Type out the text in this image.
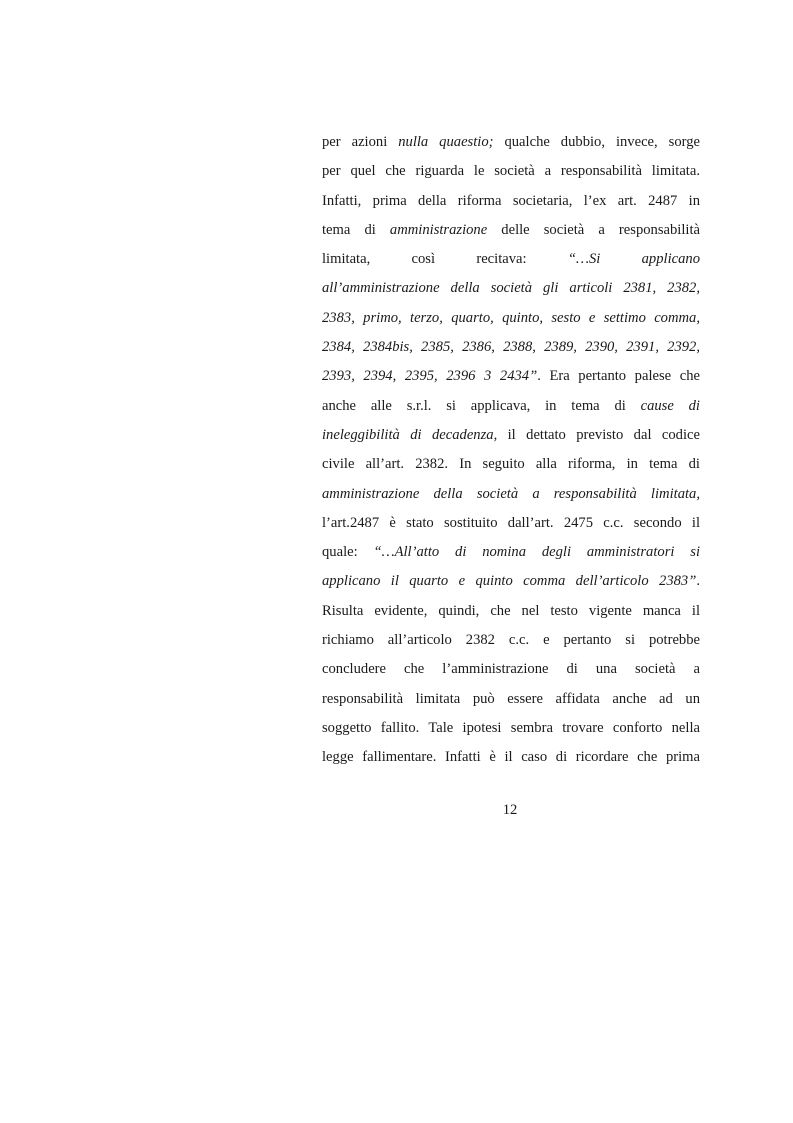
per azioni nulla quaestio; qualche dubbio, invece, sorge
per quel che riguarda le società a responsabilità limitata.
Infatti, prima della riforma societaria, l’ex art. 2487 in
tema di amministrazione delle società a responsabilità
limitata, così recitava: “…Si applicano
all’amministrazione della società gli articoli 2381, 2382,
2383, primo, terzo, quarto, quinto, sesto e settimo comma,
2384, 2384bis, 2385, 2386, 2388, 2389, 2390, 2391, 2392,
2393, 2394, 2395, 2396 3 2434”. Era pertanto palese che
anche alle s.r.l. si applicava, in tema di cause di
ineleggibilità di decadenza, il dettato previsto dal codice
civile all’art. 2382. In seguito alla riforma, in tema di
amministrazione della società a responsabilità limitata,
l’art.2487 è stato sostituito dall’art. 2475 c.c. secondo il
quale: “…All’atto di nomina degli amministratori si
applicano il quarto e quinto comma dell’articolo 2383”.
Risulta evidente, quindi, che nel testo vigente manca il
richiamo all’articolo 2382 c.c. e pertanto si potrebbe
concludere che l’amministrazione di una società a
responsabilità limitata può essere affidata anche ad un
soggetto fallito. Tale ipotesi sembra trovare conforto nella
legge fallimentare. Infatti è il caso di ricordare che prima
12
